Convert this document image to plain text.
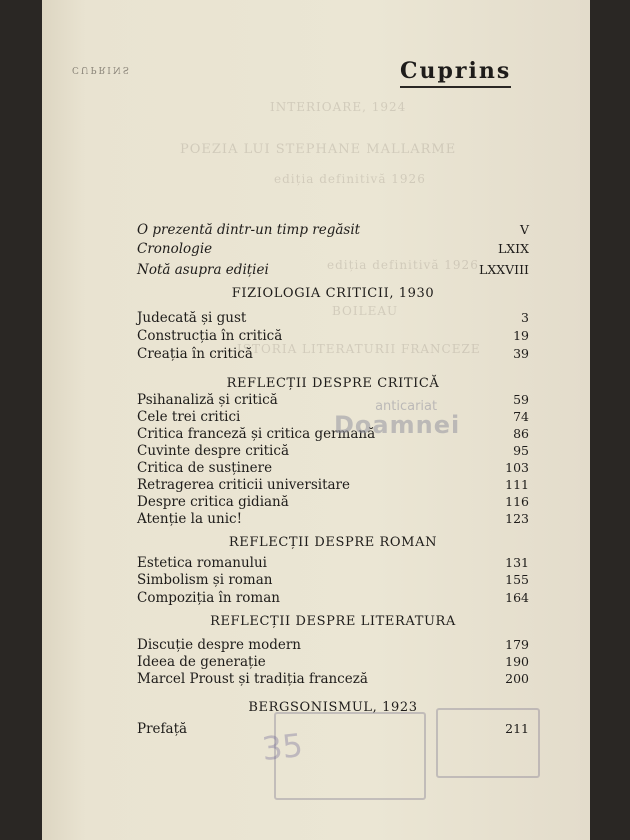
INTERIOARE, 1924
POEZIA LUI STEPHANE MALLARME
ediția definitivă 1926
ediția definitivă 1926
BOILEAU
ISTORIA LITERATURII FRANCEZE
CUPRINS	Cuprins
O prezentă dintr-un timp regăsit	V
Cronologie	LXIX
Notă asupra ediției	LXXVIII
FIZIOLOGIA CRITICII, 1930
Judecată și gust	3
Construcția în critică	19
Creația în critică	39
REFLECȚII DESPRE CRITICĂ
Psihanaliză și critică	59
Cele trei critici	74
Critica franceză și critica germană	86
Cuvinte despre critică	95
Critica de susținere	103
Retragerea criticii universitare	111
Despre critica gidiană	116
Atenție la unic!	123
REFLECȚII DESPRE ROMAN
Estetica romanului	131
Simbolism și roman	155
Compoziția în roman	164
REFLECȚII DESPRE LITERATURA
Discuție despre modern	179
Ideea de generație	190
Marcel Proust și tradiția franceză	200
BERGSONISMUL, 1923
Prefață	211
anticariat
Doamnei
35
